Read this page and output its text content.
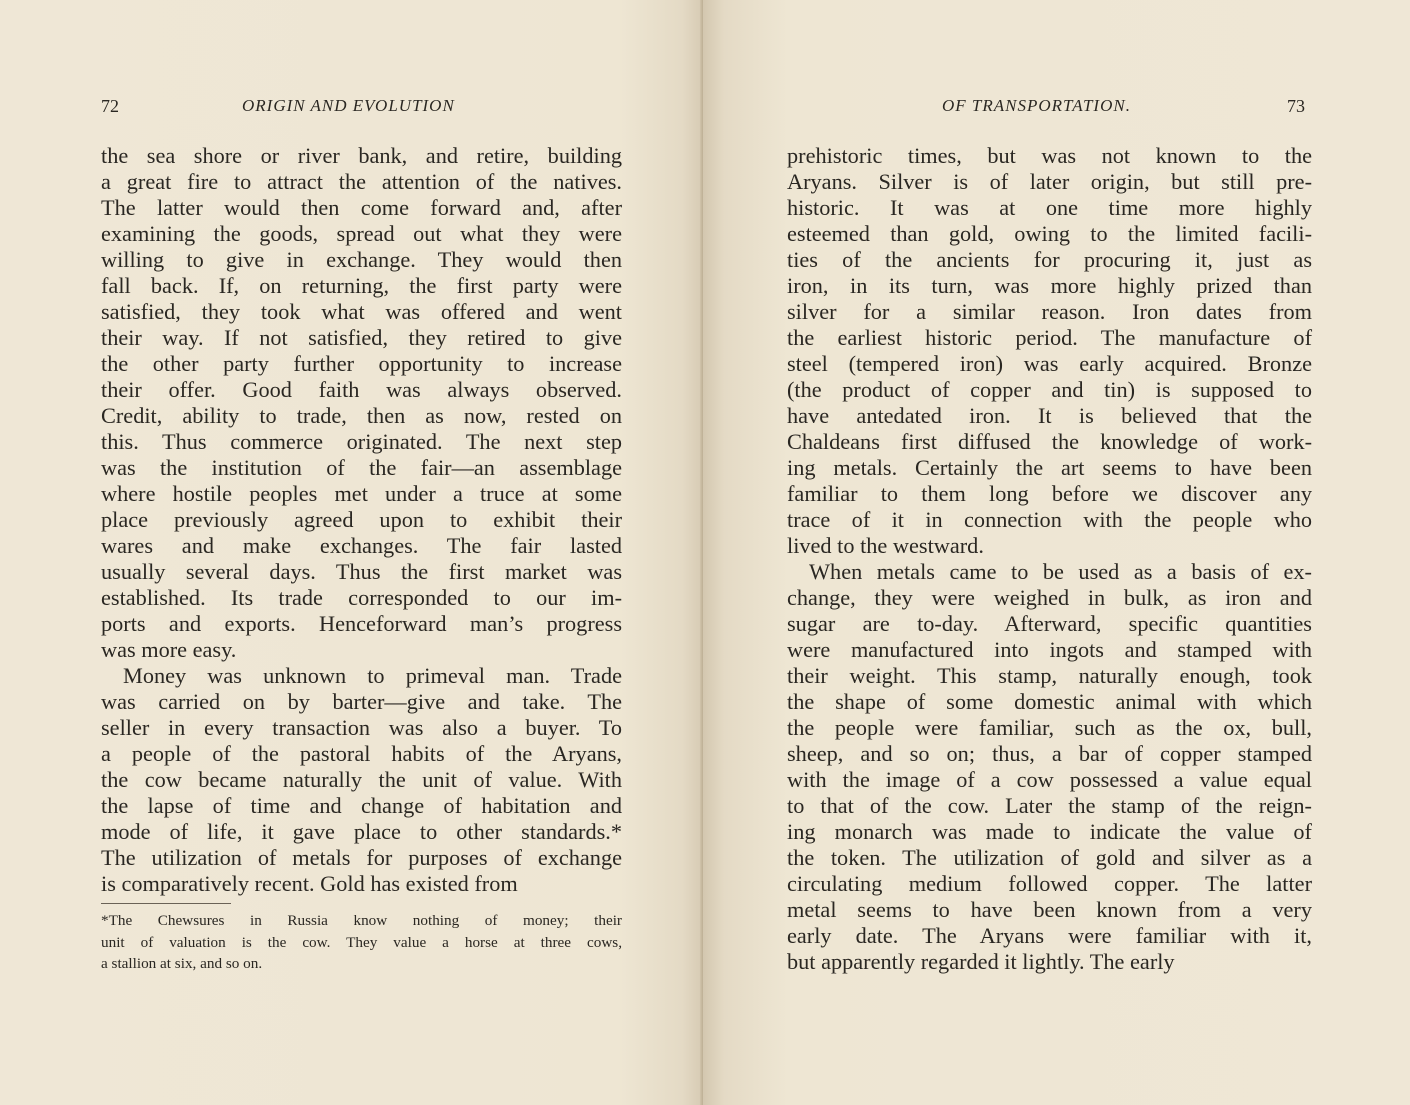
72	ORIGIN AND EVOLUTION
the sea shore or river bank, and retire, building
a great fire to attract the attention of the natives.
The latter would then come forward and, after
examining the goods, spread out what they were
willing to give in exchange. They would then
fall back. If, on returning, the first party were
satisfied, they took what was offered and went
their way. If not satisfied, they retired to give
the other party further opportunity to increase
their offer. Good faith was always observed.
Credit, ability to trade, then as now, rested on
this. Thus commerce originated. The next step
was the institution of the fair—an assemblage
where hostile peoples met under a truce at some
place previously agreed upon to exhibit their
wares and make exchanges. The fair lasted
usually several days. Thus the first market was
established. Its trade corresponded to our im-
ports and exports. Henceforward man’s progress
was more easy.
Money was unknown to primeval man. Trade
was carried on by barter—give and take. The
seller in every transaction was also a buyer. To
a people of the pastoral habits of the Aryans,
the cow became naturally the unit of value. With
the lapse of time and change of habitation and
mode of life, it gave place to other standards.*
The utilization of metals for purposes of exchange
is comparatively recent. Gold has existed from
*The Chewsures in Russia know nothing of money; their
unit of valuation is the cow. They value a horse at three cows,
a stallion at six, and so on.
OF TRANSPORTATION.	73
prehistoric times, but was not known to the
Aryans. Silver is of later origin, but still pre-
historic. It was at one time more highly
esteemed than gold, owing to the limited facili-
ties of the ancients for procuring it, just as
iron, in its turn, was more highly prized than
silver for a similar reason. Iron dates from
the earliest historic period. The manufacture of
steel (tempered iron) was early acquired. Bronze
(the product of copper and tin) is supposed to
have antedated iron. It is believed that the
Chaldeans first diffused the knowledge of work-
ing metals. Certainly the art seems to have been
familiar to them long before we discover any
trace of it in connection with the people who
lived to the westward.
When metals came to be used as a basis of ex-
change, they were weighed in bulk, as iron and
sugar are to-day. Afterward, specific quantities
were manufactured into ingots and stamped with
their weight. This stamp, naturally enough, took
the shape of some domestic animal with which
the people were familiar, such as the ox, bull,
sheep, and so on; thus, a bar of copper stamped
with the image of a cow possessed a value equal
to that of the cow. Later the stamp of the reign-
ing monarch was made to indicate the value of
the token. The utilization of gold and silver as a
circulating medium followed copper. The latter
metal seems to have been known from a very
early date. The Aryans were familiar with it,
but apparently regarded it lightly. The early
